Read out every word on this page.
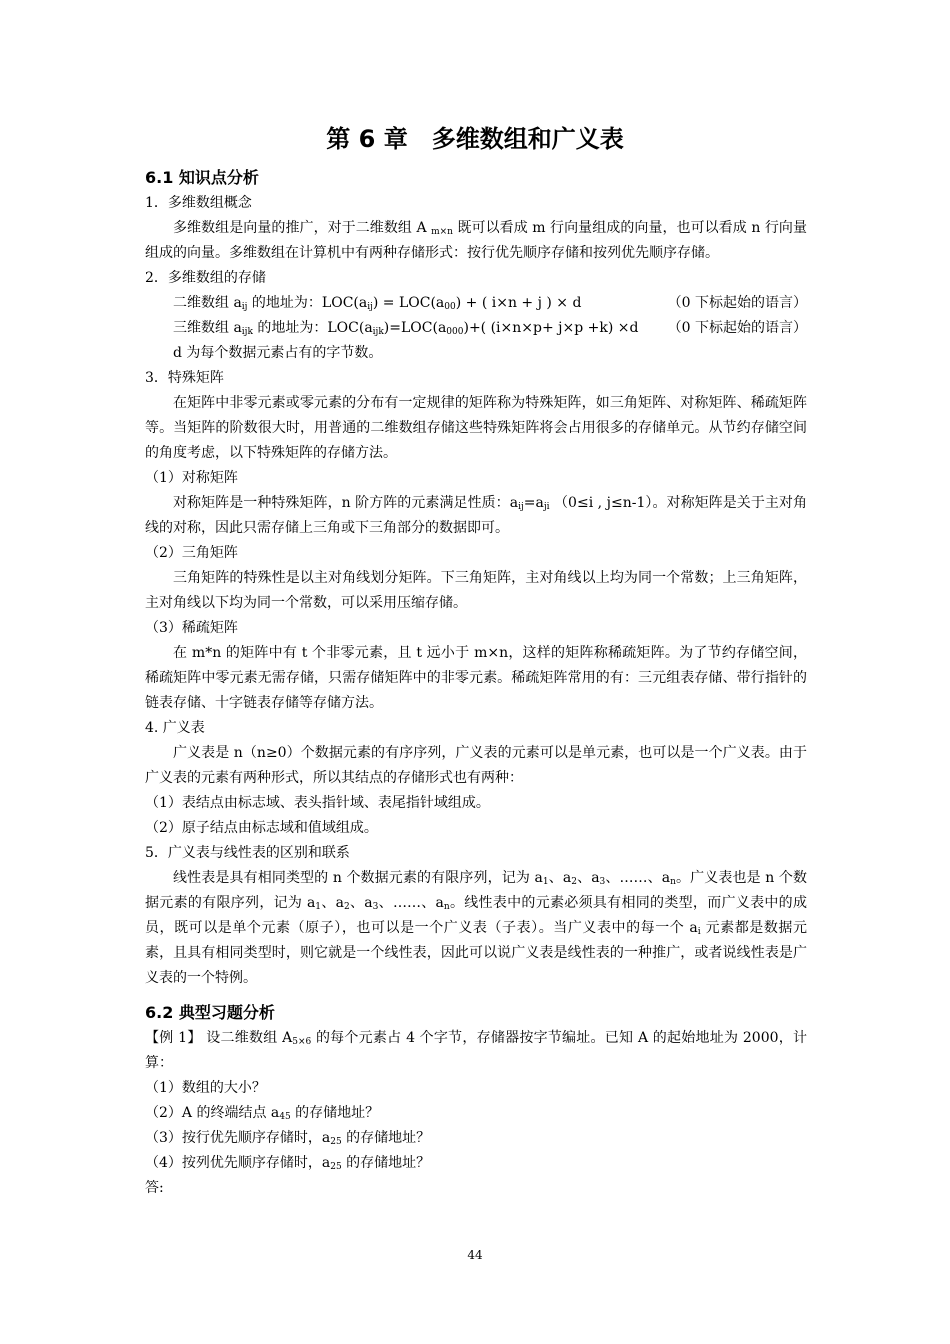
第 6 章　多维数组和广义表

6.1 知识点分析

1．多维数组概念

多维数组是向量的推广，对于二维数组 A $_{m\times n}$ 既可以看成 m 行向量组成的向量，也可以看成 n 行向量组成的向量。多维数组在计算机中有两种存储形式：按行优先顺序存储和按列优先顺序存储。

2．多维数组的存储

二维数组 $a_{ij}$ 的地址为：$LOC(a_{ij}) = LOC(a_{00})$ + ( i×n + j ) × d	（0 下标起始的语言）

三维数组 $a_{ijk}$ 的地址为：$LOC(a_{ijk})=LOC(a_{000})+$( (i×n×p+ j×p +k) ×d （0 下标起始的语言）

d 为每个数据元素占有的字节数。

3．特殊矩阵

在矩阵中非零元素或零元素的分布有一定规律的矩阵称为特殊矩阵，如三角矩阵、对称矩阵、稀疏矩阵等。当矩阵的阶数很大时，用普通的二维数组存储这些特殊矩阵将会占用很多的存储单元。从节约存储空间的角度考虑，以下特殊矩阵的存储方法。

（1）对称矩阵

对称矩阵是一种特殊矩阵，n 阶方阵的元素满足性质：$a_{ij}=a_{ji}$ （0≤i , j≤n-1）。对称矩阵是关于主对角线的对称，因此只需存储上三角或下三角部分的数据即可。

（2）三角矩阵

三角矩阵的特殊性是以主对角线划分矩阵。下三角矩阵，主对角线以上均为同一个常数；上三角矩阵，主对角线以下均为同一个常数，可以采用压缩存储。

（3）稀疏矩阵

在 m*n 的矩阵中有 t 个非零元素，且 t 远小于 m×n，这样的矩阵称稀疏矩阵。为了节约存储空间，稀疏矩阵中零元素无需存储，只需存储矩阵中的非零元素。稀疏矩阵常用的有：三元组表存储、带行指针的链表存储、十字链表存储等存储方法。

4. 广义表

广义表是 n（n≥0）个数据元素的有序序列，广义表的元素可以是单元素，也可以是一个广义表。由于广义表的元素有两种形式，所以其结点的存储形式也有两种：

（1）表结点由标志域、表头指针域、表尾指针域组成。

（2）原子结点由标志域和值域组成。

5．广义表与线性表的区别和联系

线性表是具有相同类型的 n 个数据元素的有限序列，记为 $a_1$、$a_2$、$a_3$、……、$a_n$。广义表也是 n 个数据元素的有限序列，记为 $a_1$、$a_2$、$a_3$、……、$a_n$。线性表中的元素必须具有相同的类型，而广义表中的成员，既可以是单个元素（原子），也可以是一个广义表（子表）。当广义表中的每一个 $a_i$ 元素都是数据元素，且具有相同类型时，则它就是一个线性表，因此可以说广义表是线性表的一种推广，或者说线性表是广义表的一个特例。

6.2 典型习题分析

【例 1】 设二维数组 $A_{5\times 6}$ 的每个元素占 4 个字节，存储器按字节编址。已知 A 的起始地址为 2000，计算：

（1）数组的大小？

（2）A 的终端结点 $a_{45}$ 的存储地址？

（3）按行优先顺序存储时，$a_{25}$ 的存储地址？

（4）按列优先顺序存储时，$a_{25}$ 的存储地址？

答:

44
